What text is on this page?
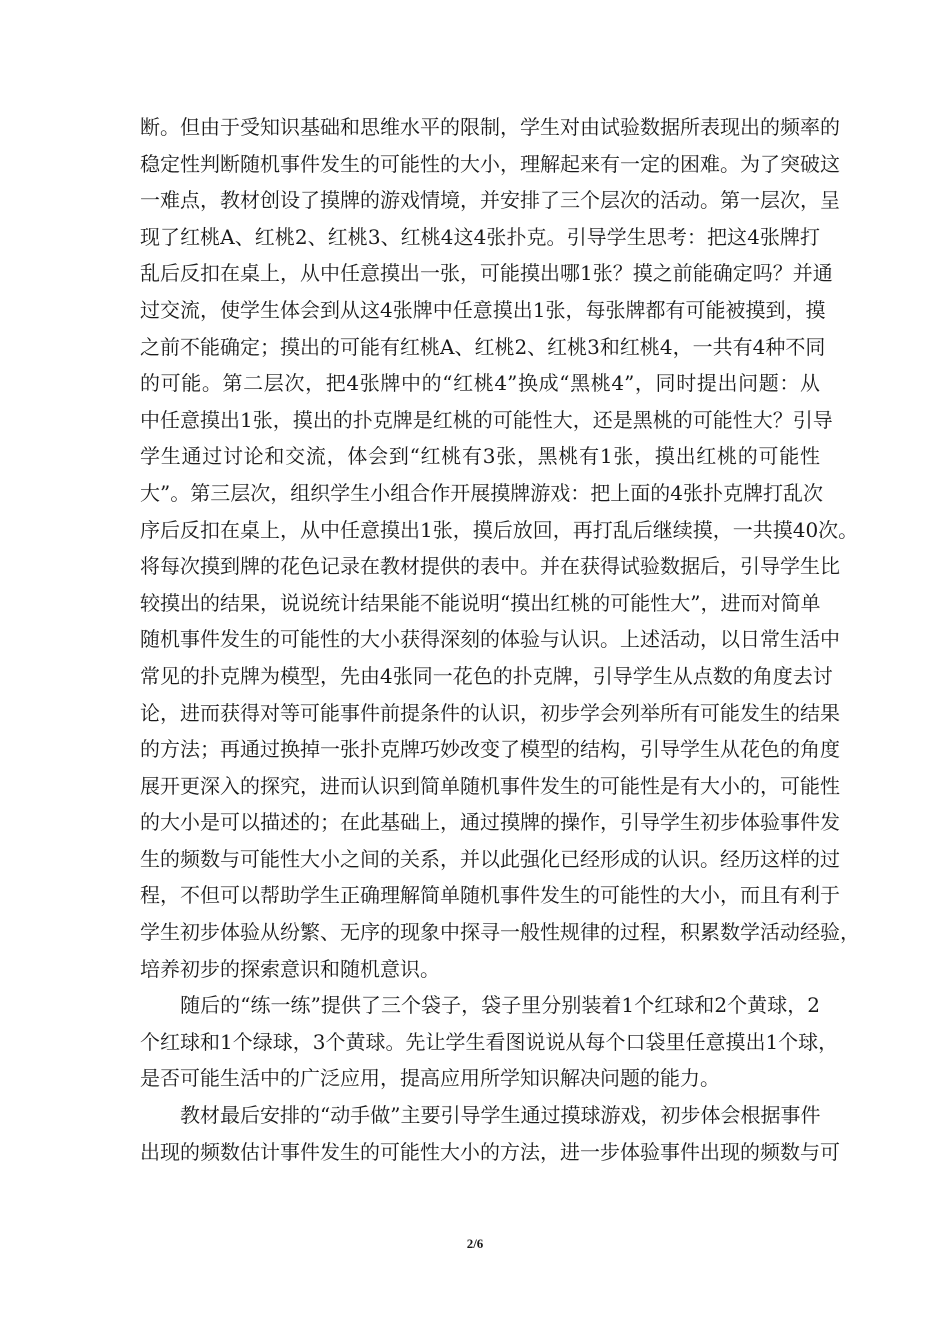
断。但由于受知识基础和思维水平的限制，学生对由试验数据所表现出的频率的
稳定性判断随机事件发生的可能性的大小，理解起来有一定的困难。为了突破这
一难点，教材创设了摸牌的游戏情境，并安排了三个层次的活动。第一层次，呈
现了红桃A、红桃2、红桃3、红桃4这4张扑克。引导学生思考：把这4张牌打
乱后反扣在桌上，从中任意摸出一张，可能摸出哪1张？摸之前能确定吗？并通
过交流，使学生体会到从这4张牌中任意摸出1张，每张牌都有可能被摸到，摸
之前不能确定；摸出的可能有红桃A、红桃2、红桃3和红桃4，一共有4种不同
的可能。第二层次，把4张牌中的“红桃4”换成“黑桃4”，同时提出问题：从
中任意摸出1张，摸出的扑克牌是红桃的可能性大，还是黑桃的可能性大？引导
学生通过讨论和交流，体会到“红桃有3张，黑桃有1张，摸出红桃的可能性
大”。第三层次，组织学生小组合作开展摸牌游戏：把上面的4张扑克牌打乱次
序后反扣在桌上，从中任意摸出1张，摸后放回，再打乱后继续摸，一共摸40次。
将每次摸到牌的花色记录在教材提供的表中。并在获得试验数据后，引导学生比
较摸出的结果，说说统计结果能不能说明“摸出红桃的可能性大”，进而对简单
随机事件发生的可能性的大小获得深刻的体验与认识。上述活动，以日常生活中
常见的扑克牌为模型，先由4张同一花色的扑克牌，引导学生从点数的角度去讨
论，进而获得对等可能事件前提条件的认识，初步学会列举所有可能发生的结果
的方法；再通过换掉一张扑克牌巧妙改变了模型的结构，引导学生从花色的角度
展开更深入的探究，进而认识到简单随机事件发生的可能性是有大小的，可能性
的大小是可以描述的；在此基础上，通过摸牌的操作，引导学生初步体验事件发
生的频数与可能性大小之间的关系，并以此强化已经形成的认识。经历这样的过
程，不但可以帮助学生正确理解简单随机事件发生的可能性的大小，而且有利于
学生初步体验从纷繁、无序的现象中探寻一般性规律的过程，积累数学活动经验，
培养初步的探索意识和随机意识。
　　随后的“练一练”提供了三个袋子，袋子里分别装着1个红球和2个黄球，2
个红球和1个绿球，3个黄球。先让学生看图说说从每个口袋里任意摸出1个球，
是否可能生活中的广泛应用，提高应用所学知识解决问题的能力。
　　教材最后安排的“动手做”主要引导学生通过摸球游戏，初步体会根据事件
出现的频数估计事件发生的可能性大小的方法，进一步体验事件出现的频数与可
2/6
